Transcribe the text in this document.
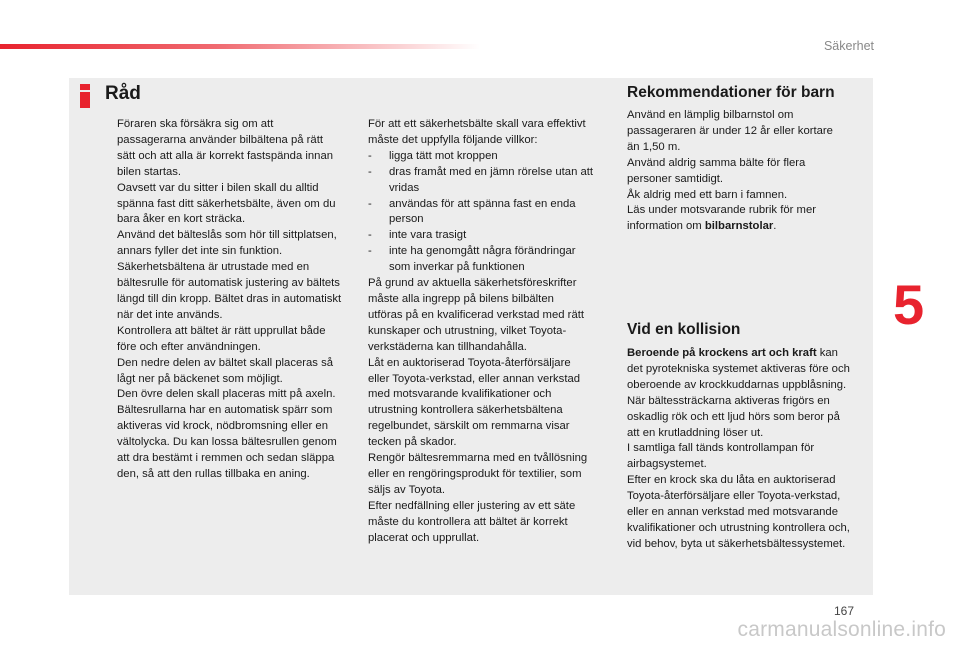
Säkerhet
Råd

Föraren ska försäkra sig om att

passagerarna använder bilbältena på rätt

sätt och att alla är korrekt fastspända innan

bilen startas.

Oavsett var du sitter i bilen skall du alltid

spänna fast ditt säkerhetsbälte, även om du

bara åker en kort sträcka.

Använd det bälteslås som hör till sittplatsen,

annars fyller det inte sin funktion.

Säkerhetsbältena är utrustade med en

bältesrulle för automatisk justering av bältets

längd till din kropp. Bältet dras in automatiskt

när det inte används.

Kontrollera att bältet är rätt upprullat både

före och efter användningen.

Den nedre delen av bältet skall placeras så

lågt ner på bäckenet som möjligt.

Den övre delen skall placeras mitt på axeln.

Bältesrullarna har en automatisk spärr som

aktiveras vid krock, nödbromsning eller en

vältolycka. Du kan lossa bältesrullen genom

att dra bestämt i remmen och sedan släppa

den, så att den rullas tillbaka en aning.

För att ett säkerhetsbälte skall vara effektivt

måste det uppfylla följande villkor:

- ligga tätt mot kroppen

- dras framåt med en jämn rörelse utan att

vridas

- användas för att spänna fast en enda

person

- inte vara trasigt

- inte ha genomgått några förändringar

som inverkar på funktionen

På grund av aktuella säkerhetsföreskrifter

måste alla ingrepp på bilens bilbälten

utföras på en kvalificerad verkstad med rätt

kunskaper och utrustning, vilket Toyota-

verkstäderna kan tillhandahålla.

Låt en auktoriserad Toyota-återförsäljare

eller Toyota-verkstad, eller annan verkstad

med motsvarande kvalifikationer och

utrustning kontrollera säkerhetsbältena

regelbundet, särskilt om remmarna visar

tecken på skador.

Rengör bältesremmarna med en tvållösning

eller en rengöringsprodukt för textilier, som

säljs av Toyota.

Efter nedfällning eller justering av ett säte

måste du kontrollera att bältet är korrekt

placerat och upprullat.

Rekommendationer för barn

Använd en lämplig bilbarnstol om

passageraren är under 12 år eller kortare

än 1,50 m.

Använd aldrig samma bälte för flera

personer samtidigt.

Åk aldrig med ett barn i famnen.

Läs under motsvarande rubrik för mer

information om bilbarnstolar.

Vid en kollision

Beroende på krockens art och kraft kan

det pyrotekniska systemet aktiveras före och

oberoende av krockkuddarnas uppblåsning.

När bältessträckarna aktiveras frigörs en

oskadlig rök och ett ljud hörs som beror på

att en krutladdning löser ut.

I samtliga fall tänds kontrollampan för

airbagsystemet.

Efter en krock ska du låta en auktoriserad

Toyota-återförsäljare eller Toyota-verkstad,

eller en annan verkstad med motsvarande

kvalifikationer och utrustning kontrollera och,

vid behov, byta ut säkerhetsbältessystemet.

5
167
carmanualsonline.info
